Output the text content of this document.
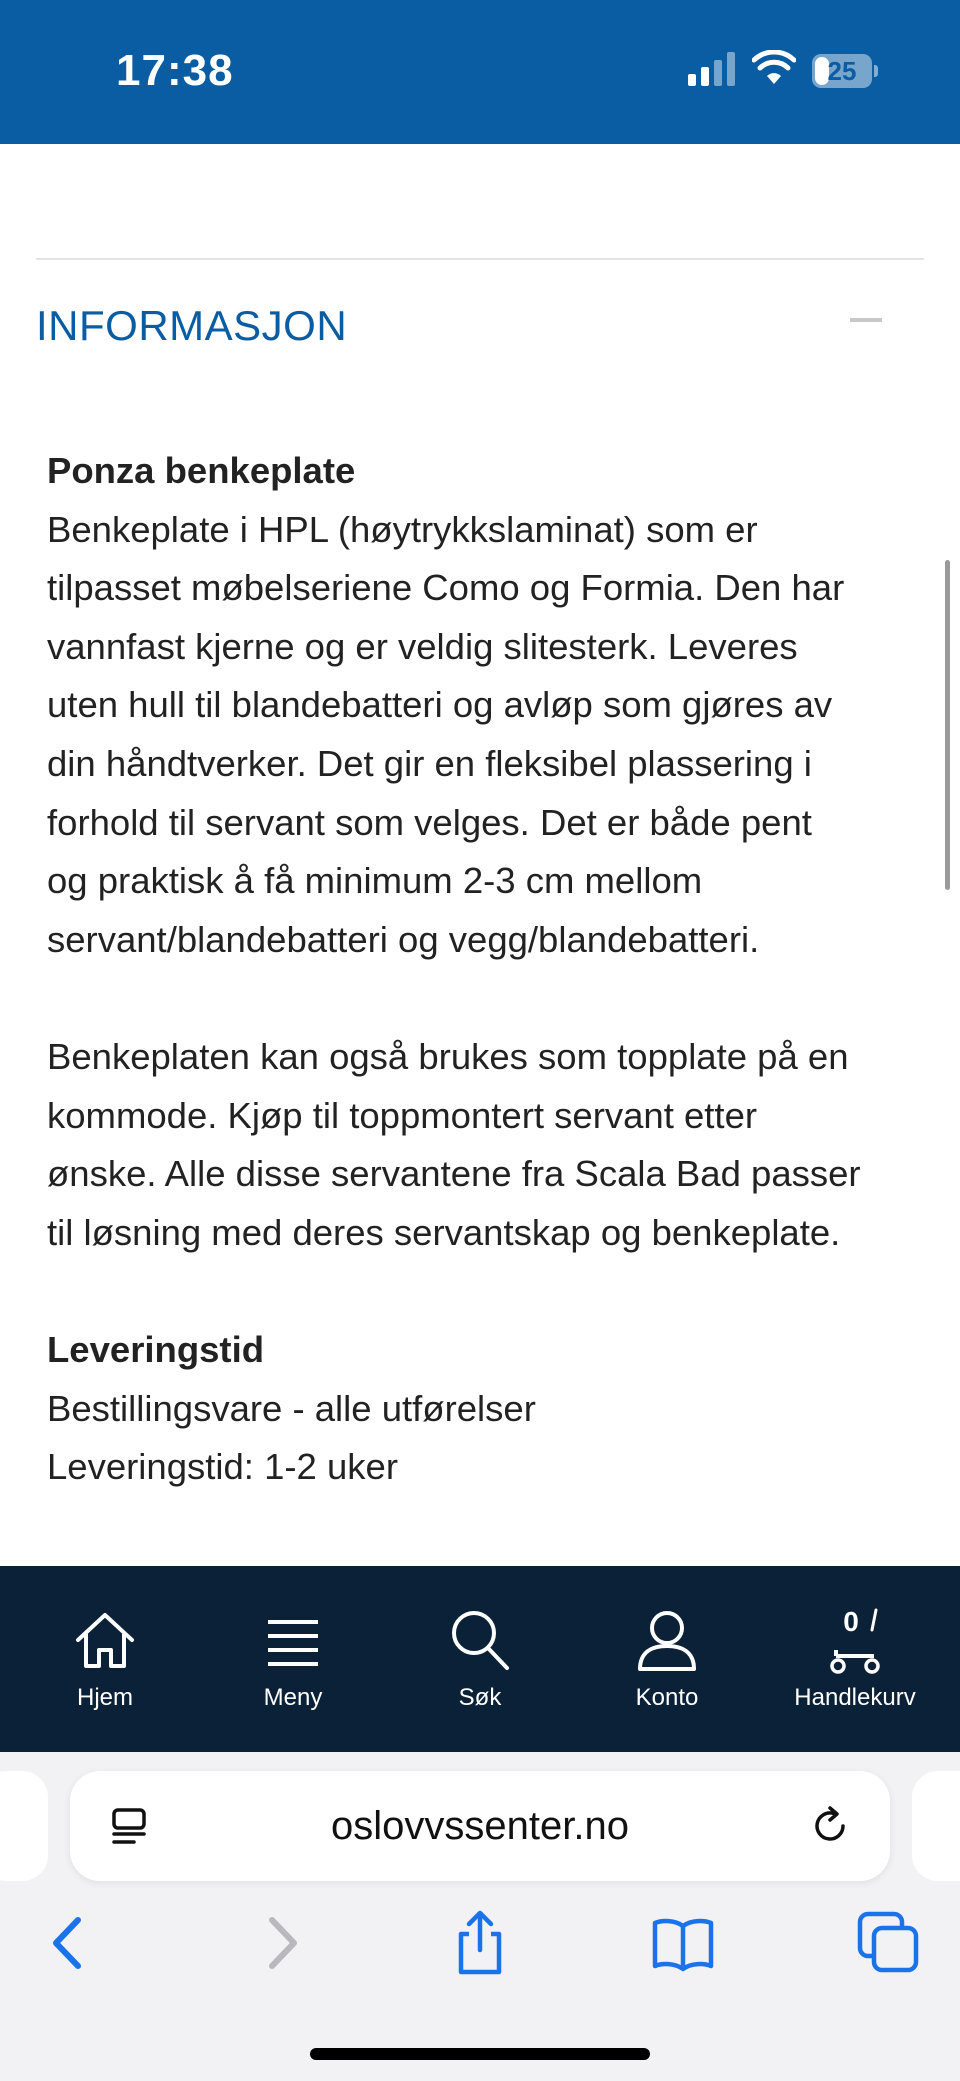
17:38	25
INFORMASJON

Ponza benkeplate

Benkeplate i HPL (høytrykkslaminat) som er

tilpasset møbelseriene Como og Formia. Den har

vannfast kjerne og er veldig slitesterk. Leveres

uten hull til blandebatteri og avløp som gjøres av

din håndtverker. Det gir en fleksibel plassering i

forhold til servant som velges. Det er både pent

og praktisk å få minimum 2-3 cm mellom

servant/blandebatteri og vegg/blandebatteri.

Benkeplaten kan også brukes som topplate på en

kommode. Kjøp til toppmontert servant etter

ønske. Alle disse servantene fra Scala Bad passer

til løsning med deres servantskap og benkeplate.

Leveringstid

Bestillingsvare - alle utførelser

Leveringstid: 1-2 uker

Hjem	Meny	Søk	Konto
0
Handlekurv
oslovvssenter.no
